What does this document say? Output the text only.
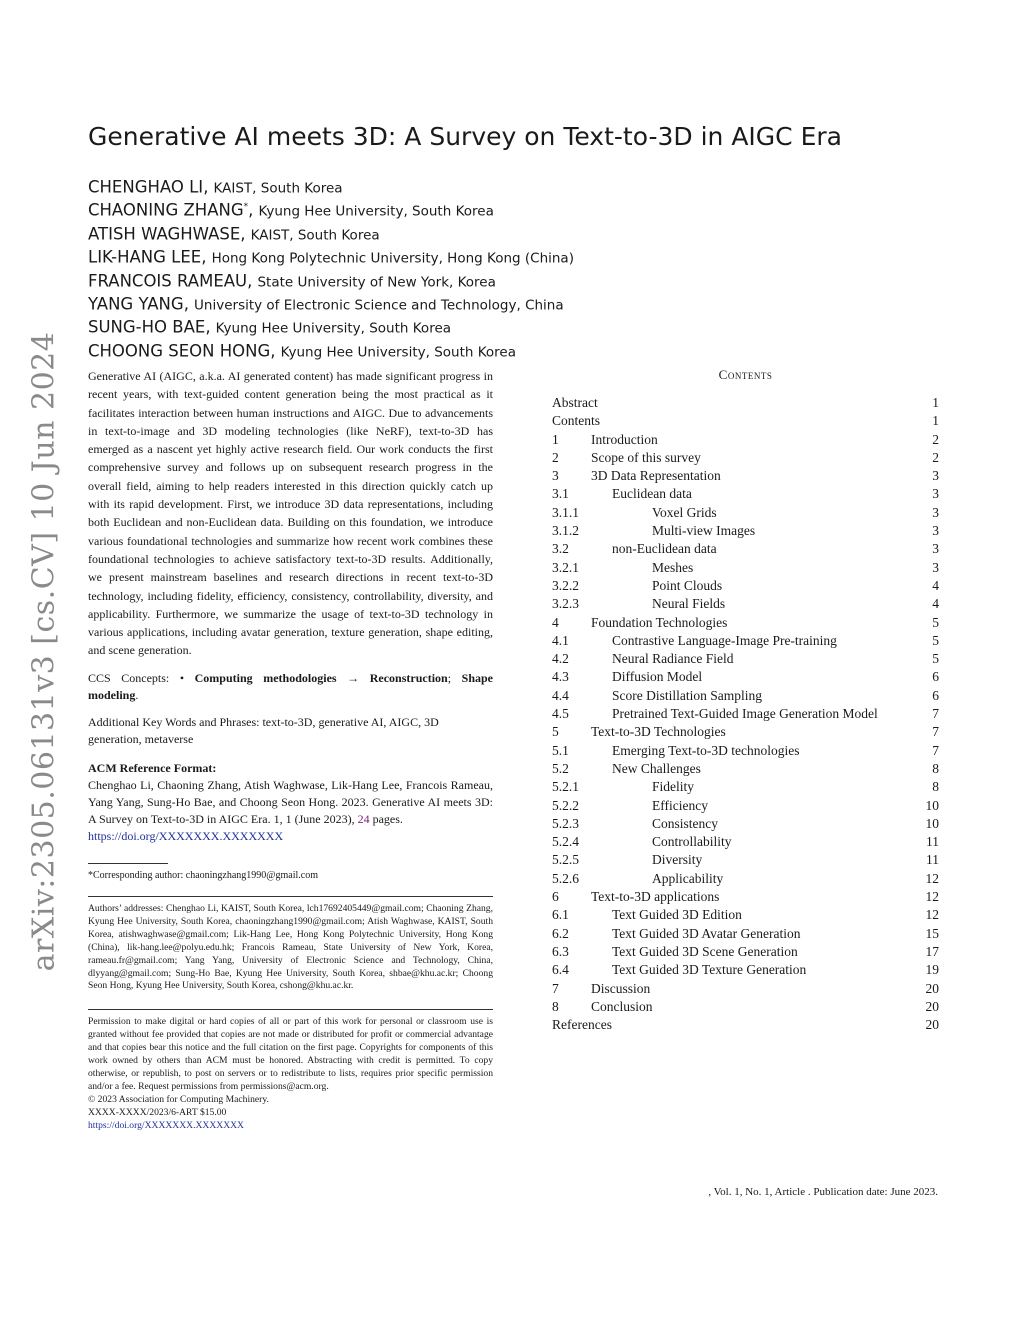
arXiv:2305.06131v3 [cs.CV] 10 Jun 2024
Generative AI meets 3D: A Survey on Text-to-3D in AIGC Era
CHENGHAO LI, KAIST, South Korea
CHAONING ZHANG*, Kyung Hee University, South Korea
ATISH WAGHWASE, KAIST, South Korea
LIK-HANG LEE, Hong Kong Polytechnic University, Hong Kong (China)
FRANCOIS RAMEAU, State University of New York, Korea
YANG YANG, University of Electronic Science and Technology, China
SUNG-HO BAE, Kyung Hee University, South Korea
CHOONG SEON HONG, Kyung Hee University, South Korea

Generative AI (AIGC, a.k.a. AI generated content) has made significant progress in recent years, with text-guided content generation being the most practical as it facilitates interaction between human instructions and AIGC. Due to advancements in text-to-image and 3D modeling technologies (like NeRF), text-to-3D has emerged as a nascent yet highly active research field. Our work conducts the first comprehensive survey and follows up on subsequent research progress in the overall field, aiming to help readers interested in this direction quickly catch up with its rapid development. First, we introduce 3D data representations, including both Euclidean and non-Euclidean data. Building on this foundation, we introduce various foundational technologies and summarize how recent work combines these foundational technologies to achieve satisfactory text-to-3D results. Additionally, we present mainstream baselines and research directions in recent text-to-3D technology, including fidelity, efficiency, consistency, controllability, diversity, and applicability. Furthermore, we summarize the usage of text-to-3D technology in various applications, including avatar generation, texture generation, shape editing, and scene generation.

CCS Concepts: • Computing methodologies → Reconstruction; Shape modeling.

Additional Key Words and Phrases: text-to-3D, generative AI, AIGC, 3D generation, metaverse

ACM Reference Format:

Chenghao Li, Chaoning Zhang, Atish Waghwase, Lik-Hang Lee, Francois Rameau, Yang Yang, Sung-Ho Bae, and Choong Seon Hong. 2023. Generative AI meets 3D: A Survey on Text-to-3D in AIGC Era. 1, 1 (June 2023), 24 pages.
https://doi.org/XXXXXXX.XXXXXXX

*Corresponding author: chaoningzhang1990@gmail.com

Authors’ addresses: Chenghao Li, KAIST, South Korea, lch17692405449@gmail.com; Chaoning Zhang, Kyung Hee University, South Korea, chaoningzhang1990@gmail.com; Atish Waghwase, KAIST, South Korea, atishwaghwase@gmail.com; Lik-Hang Lee, Hong Kong Polytechnic University, Hong Kong (China), lik-hang.lee@polyu.edu.hk; Francois Rameau, State University of New York, Korea, rameau.fr@gmail.com; Yang Yang, University of Electronic Science and Technology, China, dlyyang@gmail.com; Sung-Ho Bae, Kyung Hee University, South Korea, shbae@khu.ac.kr; Choong Seon Hong, Kyung Hee University, South Korea, cshong@khu.ac.kr.

Permission to make digital or hard copies of all or part of this work for personal or classroom use is granted without fee provided that copies are not made or distributed for profit or commercial advantage and that copies bear this notice and the full citation on the first page. Copyrights for components of this work owned by others than ACM must be honored. Abstracting with credit is permitted. To copy otherwise, or republish, to post on servers or to redistribute to lists, requires prior specific permission and/or a fee. Request permissions from permissions@acm.org.

© 2023 Association for Computing Machinery.

XXXX-XXXX/2023/6-ART $15.00

https://doi.org/XXXXXXX.XXXXXXX

Contents
Abstract	1
Contents	1
1 Introduction	2
2 Scope of this survey	2
3 3D Data Representation	3
3.1	Euclidean data	3
3.1.1	Voxel Grids	3
3.1.2	Multi-view Images	3
3.2	non-Euclidean data	3
3.2.1	Meshes	3
3.2.2	Point Clouds	4
3.2.3	Neural Fields	4
4 Foundation Technologies	5
4.1	Contrastive Language-Image Pre-training	5
4.2	Neural Radiance Field	5
4.3	Diffusion Model	6
4.4	Score Distillation Sampling	6
4.5	Pretrained Text-Guided Image Generation Model	7
5 Text-to-3D Technologies	7
5.1	Emerging Text-to-3D technologies	7
5.2	New Challenges	8
5.2.1	Fidelity	8
5.2.2	Efficiency	10
5.2.3	Consistency	10
5.2.4	Controllability	11
5.2.5	Diversity	11
5.2.6	Applicability	12
6 Text-to-3D applications	12
6.1	Text Guided 3D Edition	12
6.2	Text Guided 3D Avatar Generation	15
6.3	Text Guided 3D Scene Generation	17
6.4	Text Guided 3D Texture Generation	19
7 Discussion	20
8 Conclusion	20
References	20
, Vol. 1, No. 1, Article . Publication date: June 2023.
